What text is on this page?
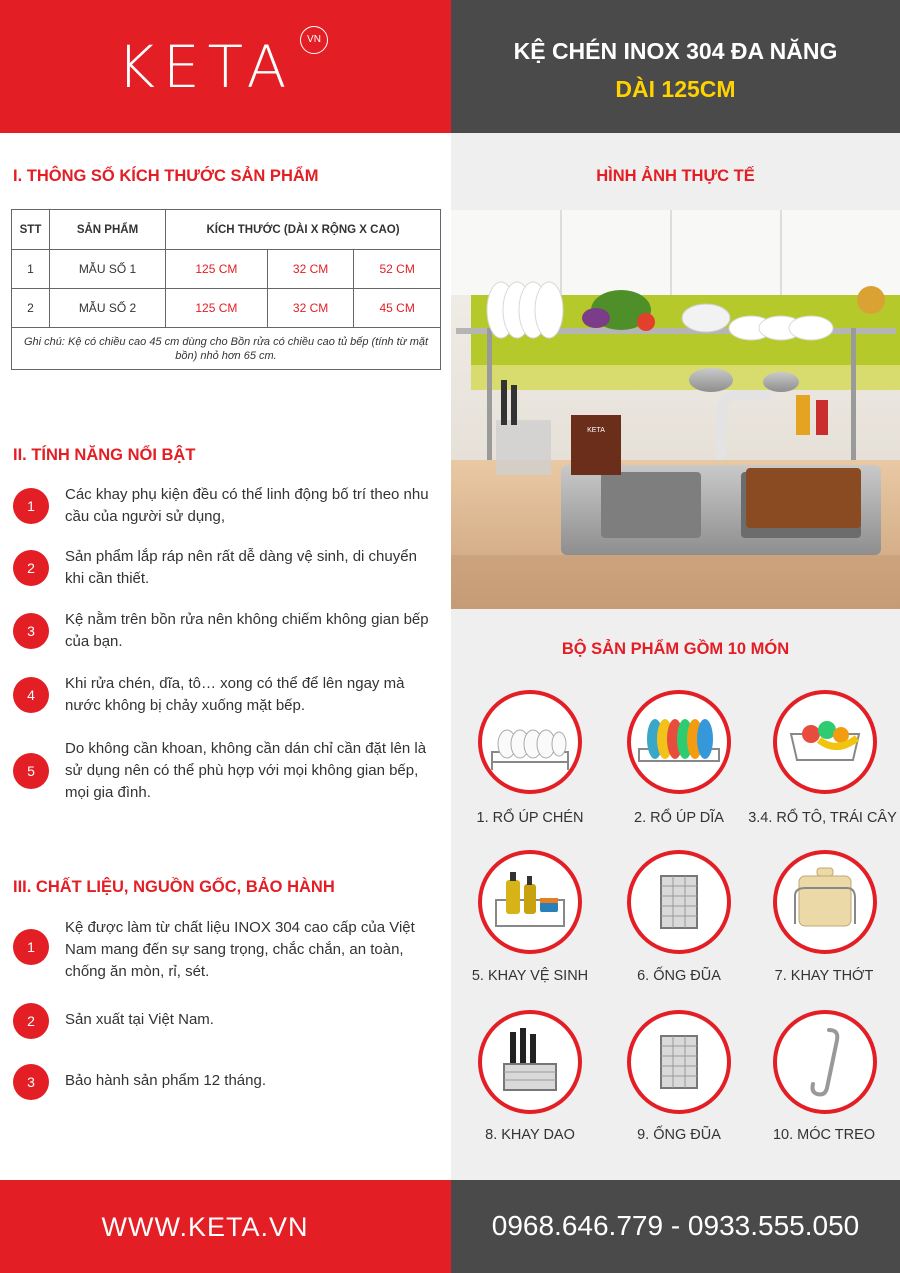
KETA	VN	KỆ CHÉN INOX 304 ĐA NĂNG
DÀI 125CM
I. THÔNG SỐ KÍCH THƯỚC SẢN PHẨM
STT	SẢN PHẨM	KÍCH THƯỚC (DÀI X RỘNG X CAO)		
1	MẪU SỐ 1	125 CM	32 CM	52 CM
2	MẪU SỐ 2	125 CM	32 CM	45 CM
Ghi chú: Kệ có chiều cao 45 cm dùng cho Bồn rửa có chiều cao tủ bếp (tính từ mặt bồn) nhỏ hơn 65 cm.				
II. TÍNH NĂNG NỔI BẬT
1
Các khay phụ kiện đều có thể linh động bố trí theo nhu cầu của người sử dụng,
2
Sản phẩm lắp ráp nên rất dễ dàng vệ sinh, di chuyển khi cần thiết.
3
Kệ nằm trên bồn rửa nên không chiếm không gian bếp của bạn.
4
Khi rửa chén, dĩa, tô… xong có thể để lên ngay mà nước không bị chảy xuống mặt bếp.
5
Do không cần khoan, không cần dán chỉ cần đặt lên là sử dụng nên có thể phù hợp với mọi không gian bếp, mọi gia đình.
III. CHẤT LIỆU, NGUỒN GỐC, BẢO HÀNH
1
Kệ được làm từ chất liệu INOX 304 cao cấp của Việt Nam mang đến sự sang trọng, chắc chắn, an toàn, chống ăn mòn, rỉ, sét.
2	Sản xuất tại Việt Nam.
3	Bảo hành sản phẩm 12 tháng.
HÌNH ẢNH THỰC TẾ
KETA
BỘ SẢN PHẨM GỒM 10 MÓN
1. RỔ ÚP CHÉN	2. RỔ ÚP DĨA	3.4. RỔ TÔ, TRÁI CÂY
5. KHAY VỆ SINH	6. ỐNG ĐŨA	7. KHAY THỚT
8. KHAY DAO	9. ỐNG ĐŨA	10. MÓC TREO
WWW.KETA.VN	0968.646.779 - 0933.555.050
